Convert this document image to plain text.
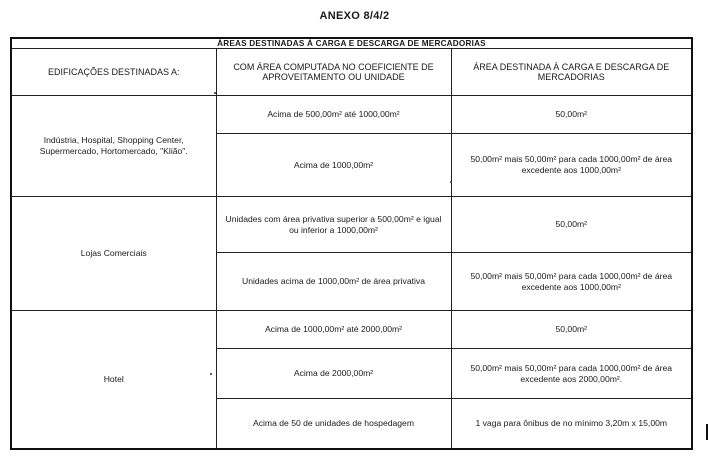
ANEXO 8/4/2
ÁREAS DESTINADAS À CARGA E DESCARGA DE MERCADORIAS		
EDIFICAÇÕES DESTINADAS A:	COM ÁREA COMPUTADA NO COEFICIENTE DE APROVEITAMENTO OU UNIDADE	ÁREA DESTINADA À CARGA E DESCARGA DE MERCADORIAS
Indústria, Hospital, Shopping Center, Supermercado, Hortomercado, "Klião".	Acima de 500,00m² até 1000,00m²	50,00m²
	Acima de 1000,00m²	50,00m² mais 50,00m² para cada 1000,00m² de área excedente aos 1000,00m²
Lojas Comerciais	Unidades com área privativa superior a 500,00m² e igual ou inferior a 1000,00m²	50,00m²
	Unidades acima de 1000,00m² de área privativa	50,00m² mais 50,00m² para cada 1000,00m² de área excedente aos 1000,00m²
Hotel	Acima de 1000,00m² até 2000,00m²	50,00m²
	Acima de 2000,00m²	50,00m² mais 50,00m² para cada 1000,00m² de área excedente aos 2000,00m².
	Acima de 50 de unidades de hospedagem	1 vaga para ônibus de no mínimo 3,20m x 15,00m
